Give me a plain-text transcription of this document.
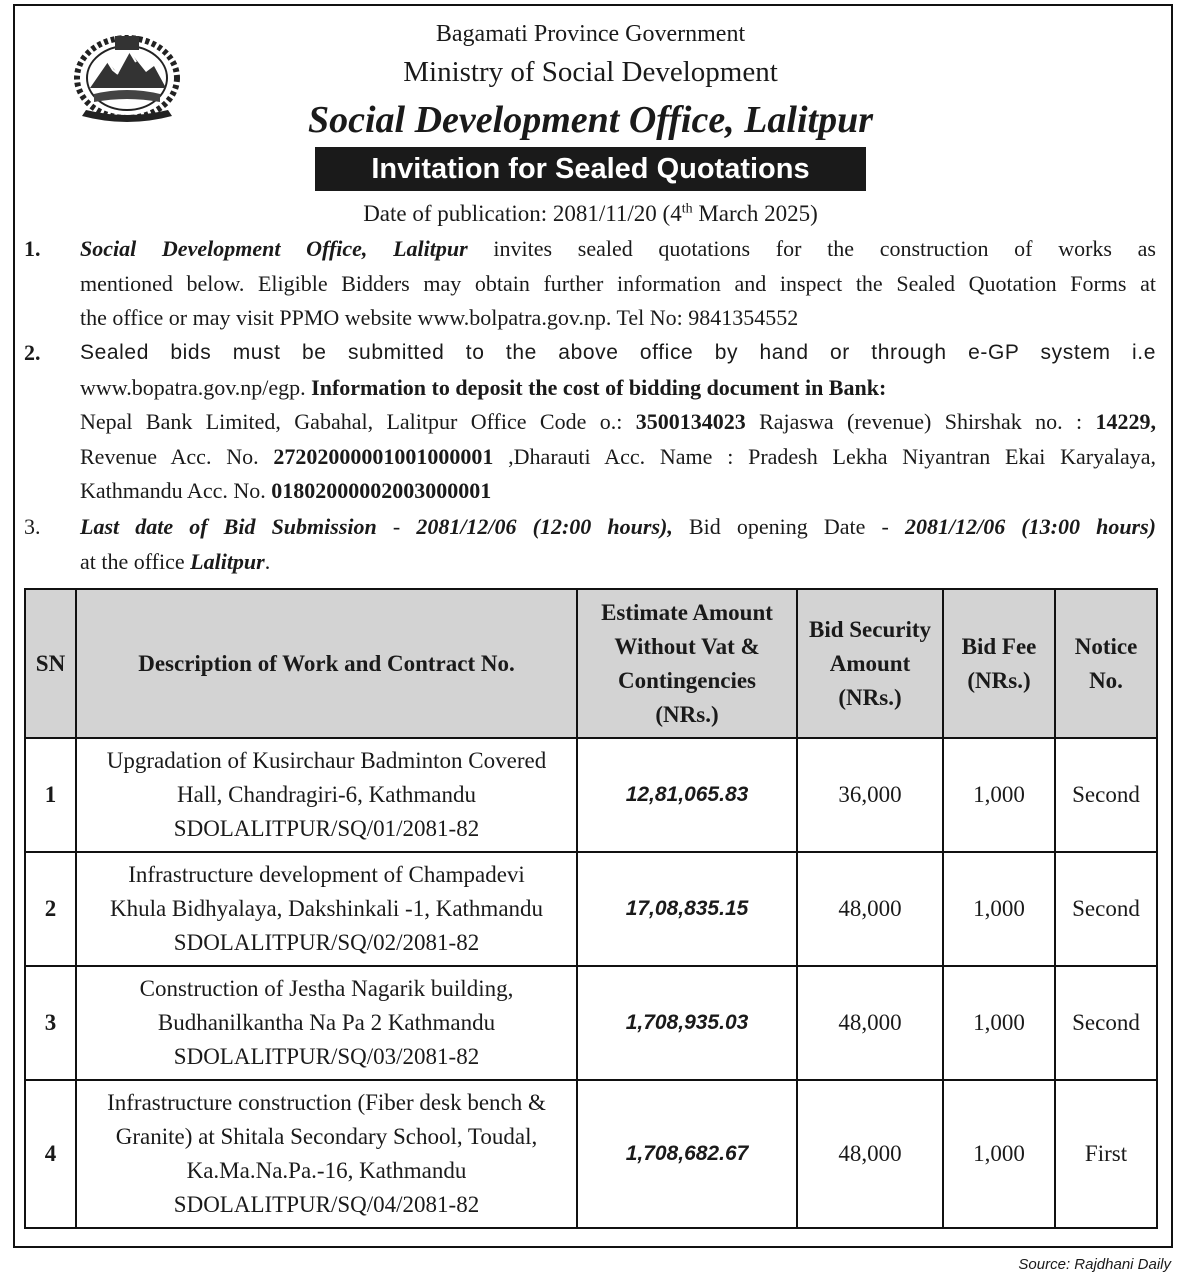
Bagamati Province Government
Ministry of Social Development
Social Development Office, Lalitpur
Invitation for Sealed Quotations
Date of publication: 2081/11/20 (4th March 2025)
1. Social Development Office, Lalitpur invites sealed quotations for the construction of works as
mentioned below. Eligible Bidders may obtain further information and inspect the Sealed Quotation Forms at
the office or may visit PPMO website www.bolpatra.gov.np. Tel No: 9841354552
2. Sealed bids must be submitted to the above office by hand or through e-GP system i.e
www.bopatra.gov.np/egp. Information to deposit the cost of bidding document in Bank:
Nepal Bank Limited, Gabahal, Lalitpur Office Code o.: 3500134023 Rajaswa (revenue) Shirshak no. : 14229,
Revenue Acc. No. 27202000001001000001 ,Dharauti Acc. Name : Pradesh Lekha Niyantran Ekai Karyalaya,
Kathmandu Acc. No. 01802000002003000001
3. Last date of Bid Submission - 2081/12/06 (12:00 hours), Bid opening Date - 2081/12/06 (13:00 hours)
at the office Lalitpur.
SN	Description of Work and Contract No.	Estimate Amount
Without Vat &
Contingencies
(NRs.)	Bid Security
Amount
(NRs.)	Bid Fee
(NRs.)	Notice
No.

1	Upgradation of Kusirchaur Badminton Covered
Hall, Chandragiri-6, Kathmandu
SDOLALITPUR/SQ/01/2081-82	12,81,065.83	36,000	1,000	Second
2	Infrastructure development of Champadevi
Khula Bidhyalaya, Dakshinkali -1, Kathmandu
SDOLALITPUR/SQ/02/2081-82	17,08,835.15	48,000	1,000	Second
3	Construction of Jestha Nagarik building,
Budhanilkantha Na Pa 2 Kathmandu
SDOLALITPUR/SQ/03/2081-82	1,708,935.03	48,000	1,000	Second
4	Infrastructure construction (Fiber desk bench &
Granite) at Shitala Secondary School, Toudal,
Ka.Ma.Na.Pa.-16, Kathmandu
SDOLALITPUR/SQ/04/2081-82	1,708,682.67	48,000	1,000	First
Source: Rajdhani Daily
